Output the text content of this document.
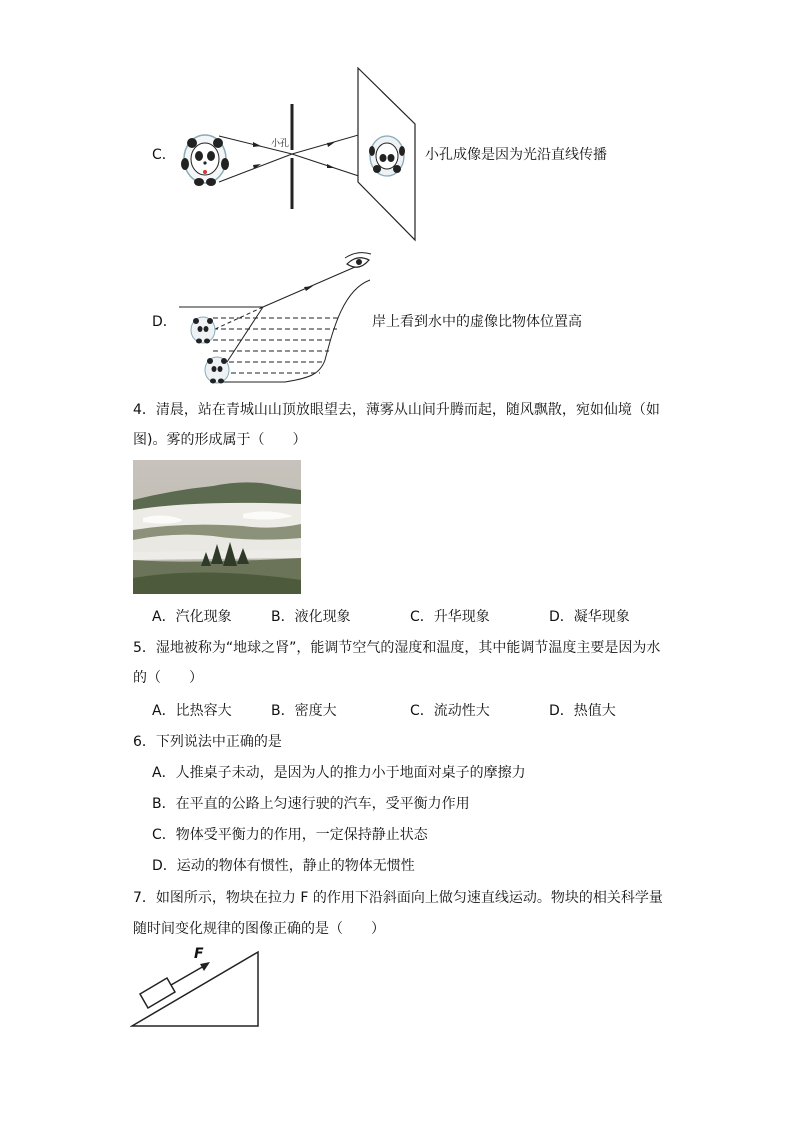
C．
小孔
小孔成像是因为光沿直线传播
D．	岸上看到水中的虚像比物体位置高
4．清晨，站在青城山山顶放眼望去，薄雾从山间升腾而起，随风飘散，宛如仙境（如
图)。雾的形成属于（　　）
A．汽化现象	B．液化现象	C．升华现象	D．凝华现象
5．湿地被称为“地球之肾”，能调节空气的湿度和温度，其中能调节温度主要是因为水
的（　　）
A．比热容大	B．密度大	C．流动性大	D．热值大
6．下列说法中正确的是
A．人推桌子未动，是因为人的推力小于地面对桌子的摩擦力
B．在平直的公路上匀速行驶的汽车，受平衡力作用
C．物体受平衡力的作用，一定保持静止状态
D．运动的物体有惯性，静止的物体无惯性
7．如图所示，物块在拉力 F 的作用下沿斜面向上做匀速直线运动。物块的相关科学量
随时间变化规律的图像正确的是（　　）
F
